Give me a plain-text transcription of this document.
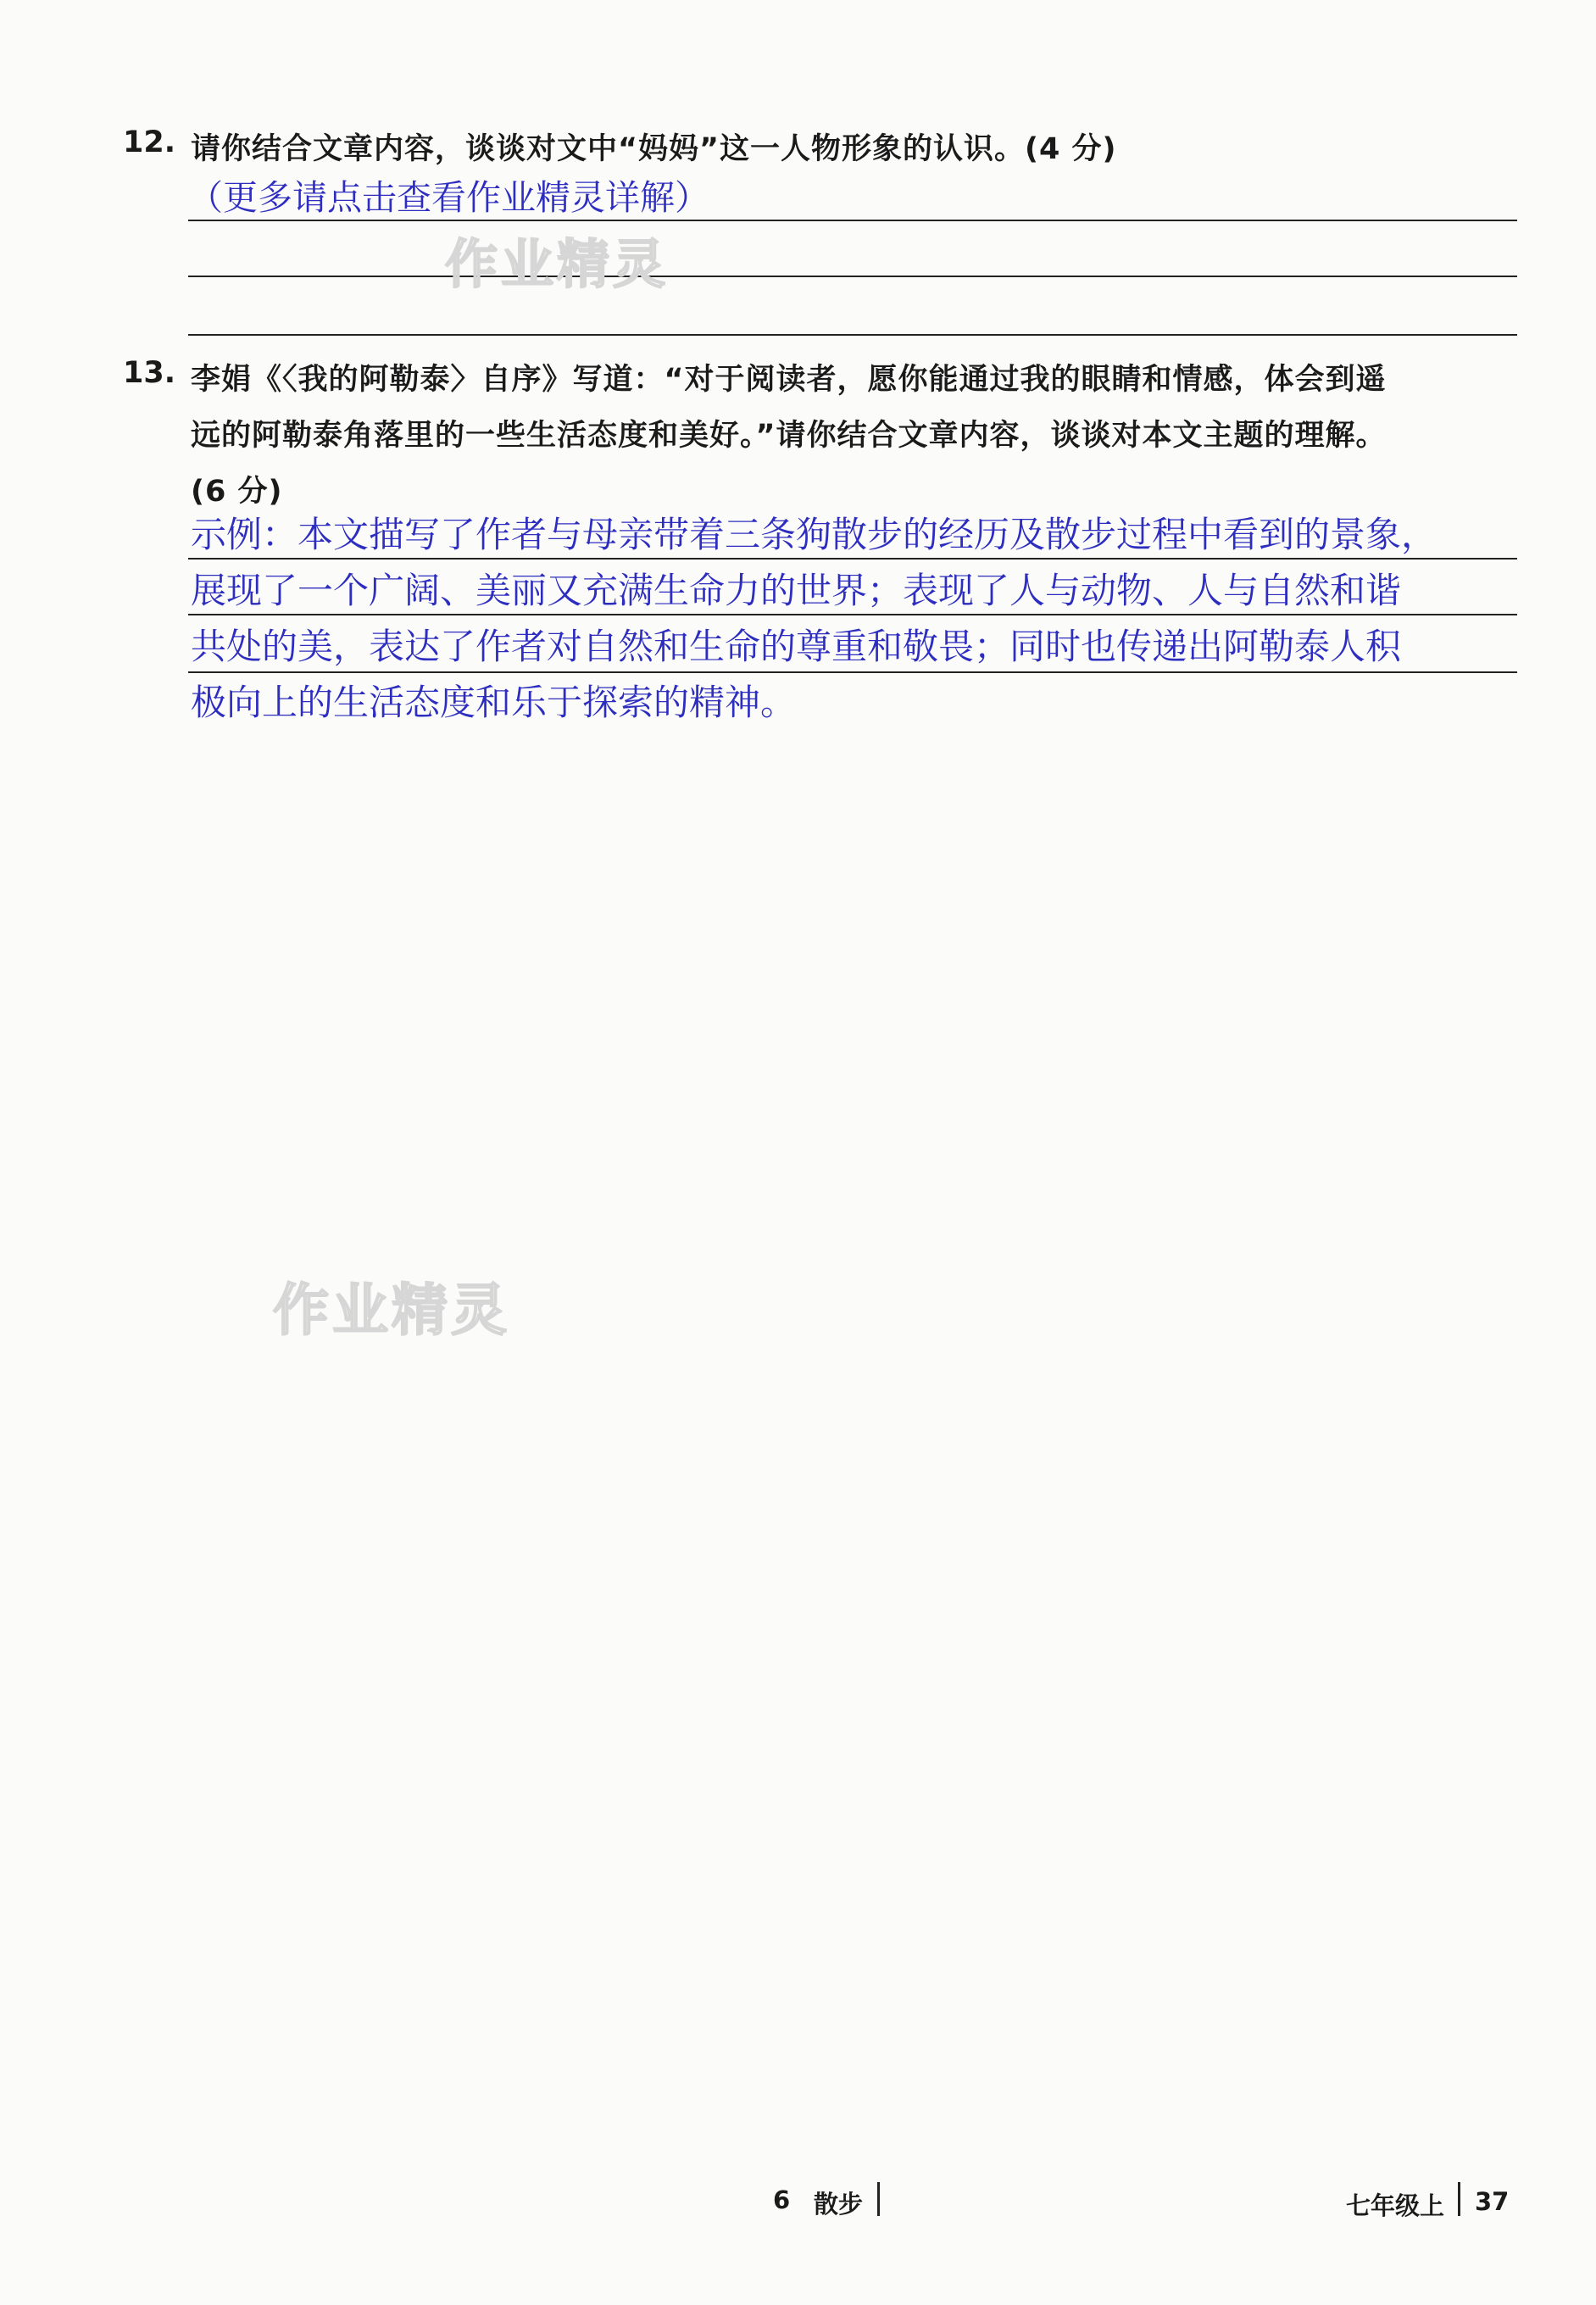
12. 请你结合文章内容，谈谈对文中“妈妈”这一人物形象的认识。(4 分)
（更多请点击查看作业精灵详解）
作业精灵
13. 李娟《〈我的阿勒泰〉自序》写道：“对于阅读者，愿你能通过我的眼睛和情感，体会到遥
远的阿勒泰角落里的一些生活态度和美好。”请你结合文章内容，谈谈对本文主题的理解。
(6 分)
示例：本文描写了作者与母亲带着三条狗散步的经历及散步过程中看到的景象，
展现了一个广阔、美丽又充满生命力的世界；表现了人与动物、人与自然和谐
共处的美，表达了作者对自然和生命的尊重和敬畏；同时也传递出阿勒泰人积
极向上的生活态度和乐于探索的精神。
作业精灵
6 散步	七年级上 37
